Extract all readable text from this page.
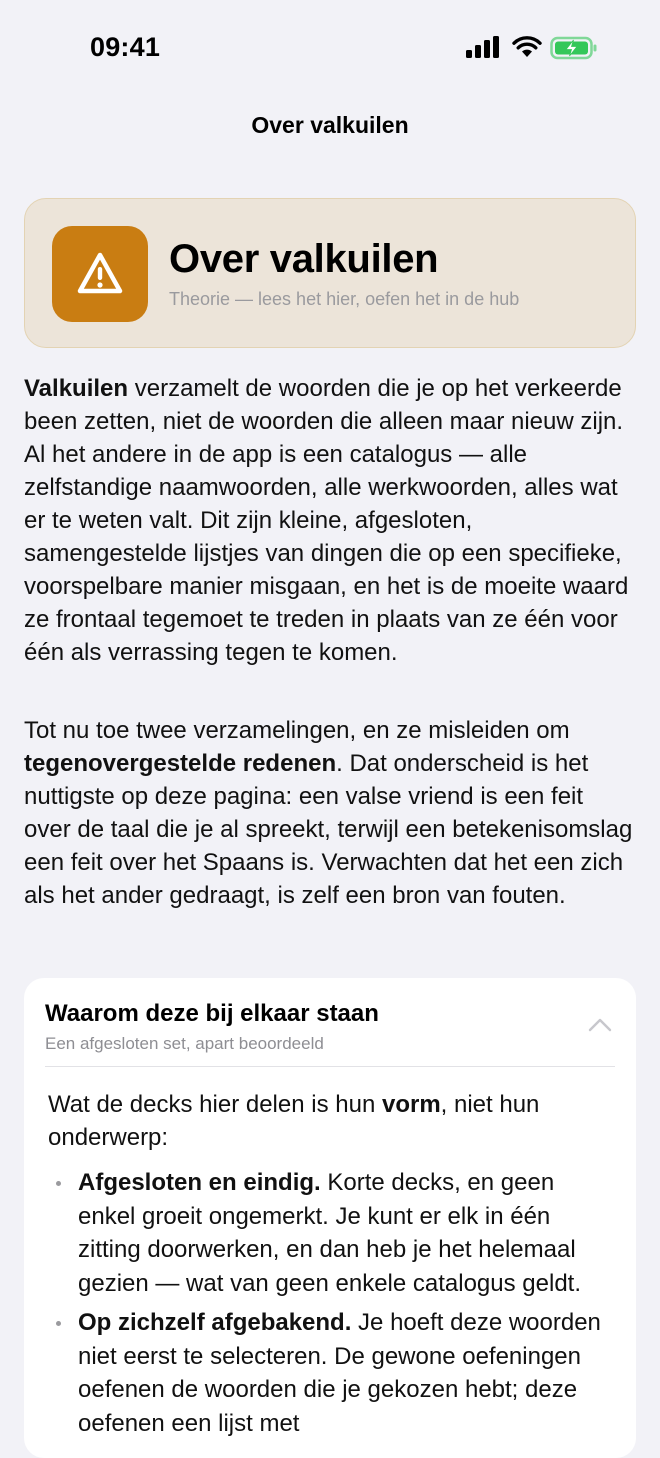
09:41
Over valkuilen
Over valkuilen
Theorie — lees het hier, oefen het in de hub

Valkuilen verzamelt de woorden die je op het verkeerde been zetten, niet de woorden die alleen maar nieuw zijn. Al het andere in de app is een catalogus — alle zelfstandige naamwoorden, alle werkwoorden, alles wat er te weten valt. Dit zijn kleine, afgesloten, samengestelde lijstjes van dingen die op een specifieke, voorspelbare manier misgaan, en het is de moeite waard ze frontaal tegemoet te treden in plaats van ze één voor één als verrassing tegen te komen.

Tot nu toe twee verzamelingen, en ze misleiden om tegenovergestelde redenen. Dat onderscheid is het nuttigste op deze pagina: een valse vriend is een feit over de taal die je al spreekt, terwijl een betekenisomslag een feit over het Spaans is. Verwachten dat het een zich als het ander gedraagt, is zelf een bron van fouten.

Waarom deze bij elkaar staan
Een afgesloten set, apart beoordeeld

Wat de decks hier delen is hun vorm, niet hun onderwerp:

Afgesloten en eindig. Korte decks, en geen enkel groeit ongemerkt. Je kunt er elk in één zitting doorwerken, en dan heb je het helemaal gezien — wat van geen enkele catalogus geldt.
Op zichzelf afgebakend. Je hoeft deze woorden niet eerst te selecteren. De gewone oefeningen oefenen de woorden die je gekozen hebt; deze oefenen een lijst met
